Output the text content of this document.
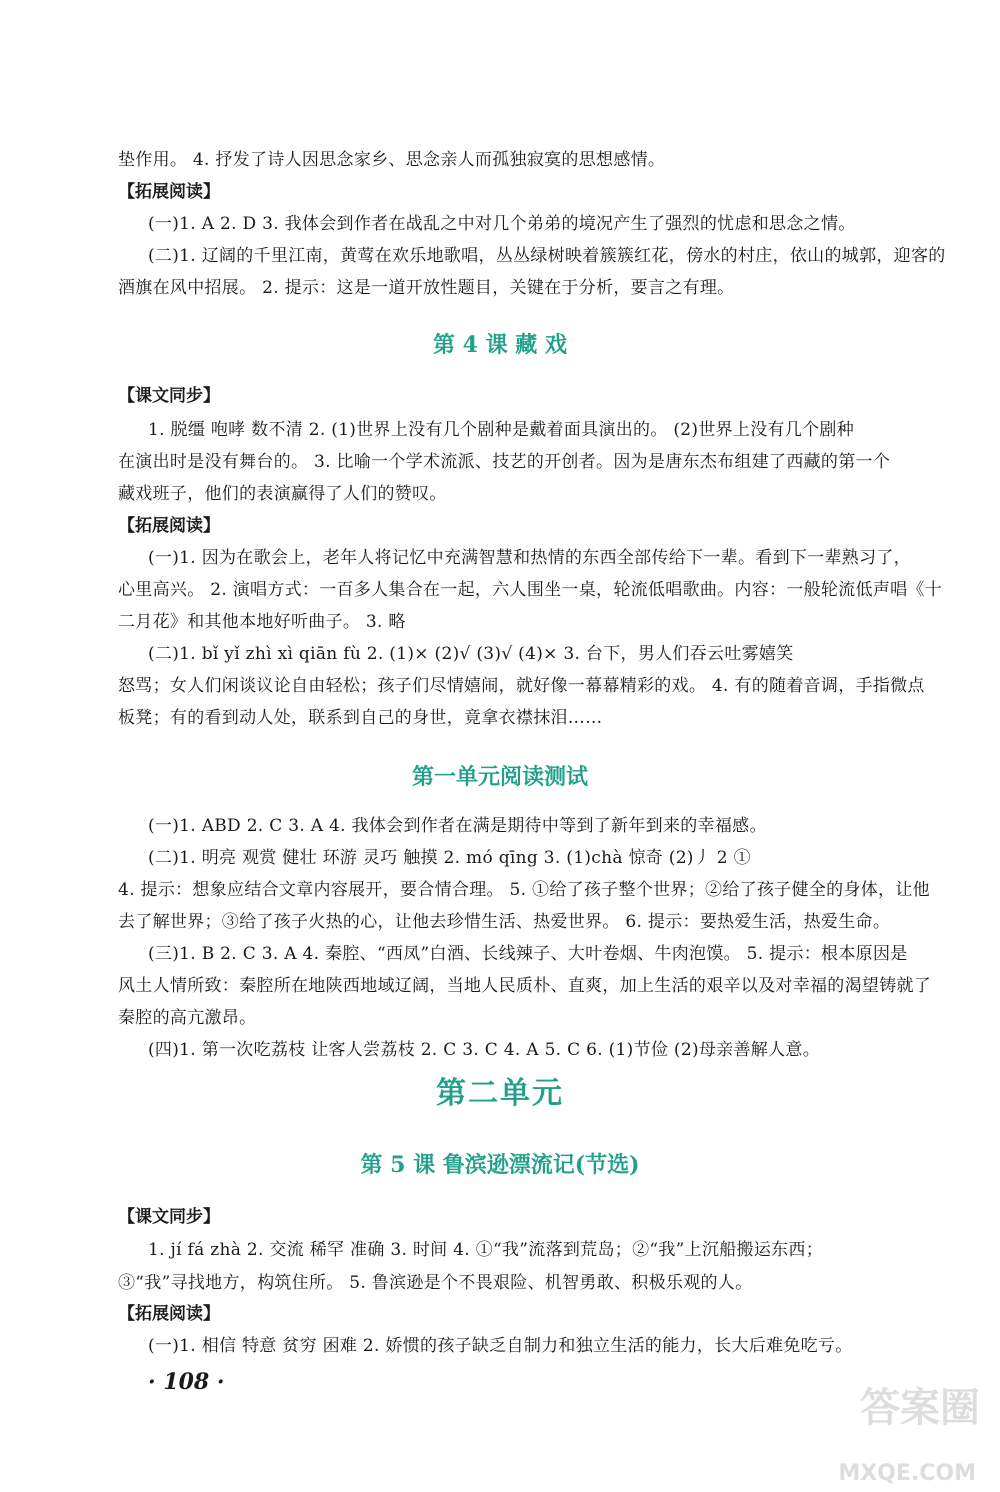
垫作用。 4. 抒发了诗人因思念家乡、思念亲人而孤独寂寞的思想感情。
【拓展阅读】
(一)1. A 2. D 3. 我体会到作者在战乱之中对几个弟弟的境况产生了强烈的忧虑和思念之情。
(二)1. 辽阔的千里江南，黄莺在欢乐地歌唱，丛丛绿树映着簇簇红花，傍水的村庄，依山的城郭，迎客的
酒旗在风中招展。 2. 提示：这是一道开放性题目，关键在于分析，要言之有理。
第 4 课 藏 戏
【课文同步】
1. 脱缰 咆哮 数不清 2. (1)世界上没有几个剧种是戴着面具演出的。 (2)世界上没有几个剧种
在演出时是没有舞台的。 3. 比喻一个学术流派、技艺的开创者。因为是唐东杰布组建了西藏的第一个
藏戏班子，他们的表演赢得了人们的赞叹。
【拓展阅读】
(一)1. 因为在歌会上，老年人将记忆中充满智慧和热情的东西全部传给下一辈。看到下一辈熟习了，
心里高兴。 2. 演唱方式：一百多人集合在一起，六人围坐一桌，轮流低唱歌曲。内容：一般轮流低声唱《十
二月花》和其他本地好听曲子。 3. 略
(二)1. bǐ yǐ zhì xì qiān fù 2. (1)× (2)√ (3)√ (4)× 3. 台下，男人们吞云吐雾嬉笑
怒骂；女人们闲谈议论自由轻松；孩子们尽情嬉闹，就好像一幕幕精彩的戏。 4. 有的随着音调，手指微点
板凳；有的看到动人处，联系到自己的身世，竟拿衣襟抹泪……
第一单元阅读测试
(一)1. ABD 2. C 3. A 4. 我体会到作者在满是期待中等到了新年到来的幸福感。
(二)1. 明亮 观赏 健壮 环游 灵巧 触摸 2. mó qīng 3. (1)chà 惊奇 (2)丿 2 ①
4. 提示：想象应结合文章内容展开，要合情合理。 5. ①给了孩子整个世界；②给了孩子健全的身体，让他
去了解世界；③给了孩子火热的心，让他去珍惜生活、热爱世界。 6. 提示：要热爱生活，热爱生命。
(三)1. B 2. C 3. A 4. 秦腔、“西凤”白酒、长线辣子、大叶卷烟、牛肉泡馍。 5. 提示：根本原因是
风土人情所致：秦腔所在地陕西地域辽阔，当地人民质朴、直爽，加上生活的艰辛以及对幸福的渴望铸就了
秦腔的高亢激昂。
(四)1. 第一次吃荔枝 让客人尝荔枝 2. C 3. C 4. A 5. C 6. (1)节俭 (2)母亲善解人意。
第二单元
第 5 课 鲁滨逊漂流记(节选)
【课文同步】
1. jí fá zhà 2. 交流 稀罕 准确 3. 时间 4. ①“我”流落到荒岛；②“我”上沉船搬运东西；
③“我”寻找地方，构筑住所。 5. 鲁滨逊是个不畏艰险、机智勇敢、积极乐观的人。
【拓展阅读】
(一)1. 相信 特意 贫穷 困难 2. 娇惯的孩子缺乏自制力和独立生活的能力，长大后难免吃亏。
· 108 ·
答案圈
MXQE.COM
